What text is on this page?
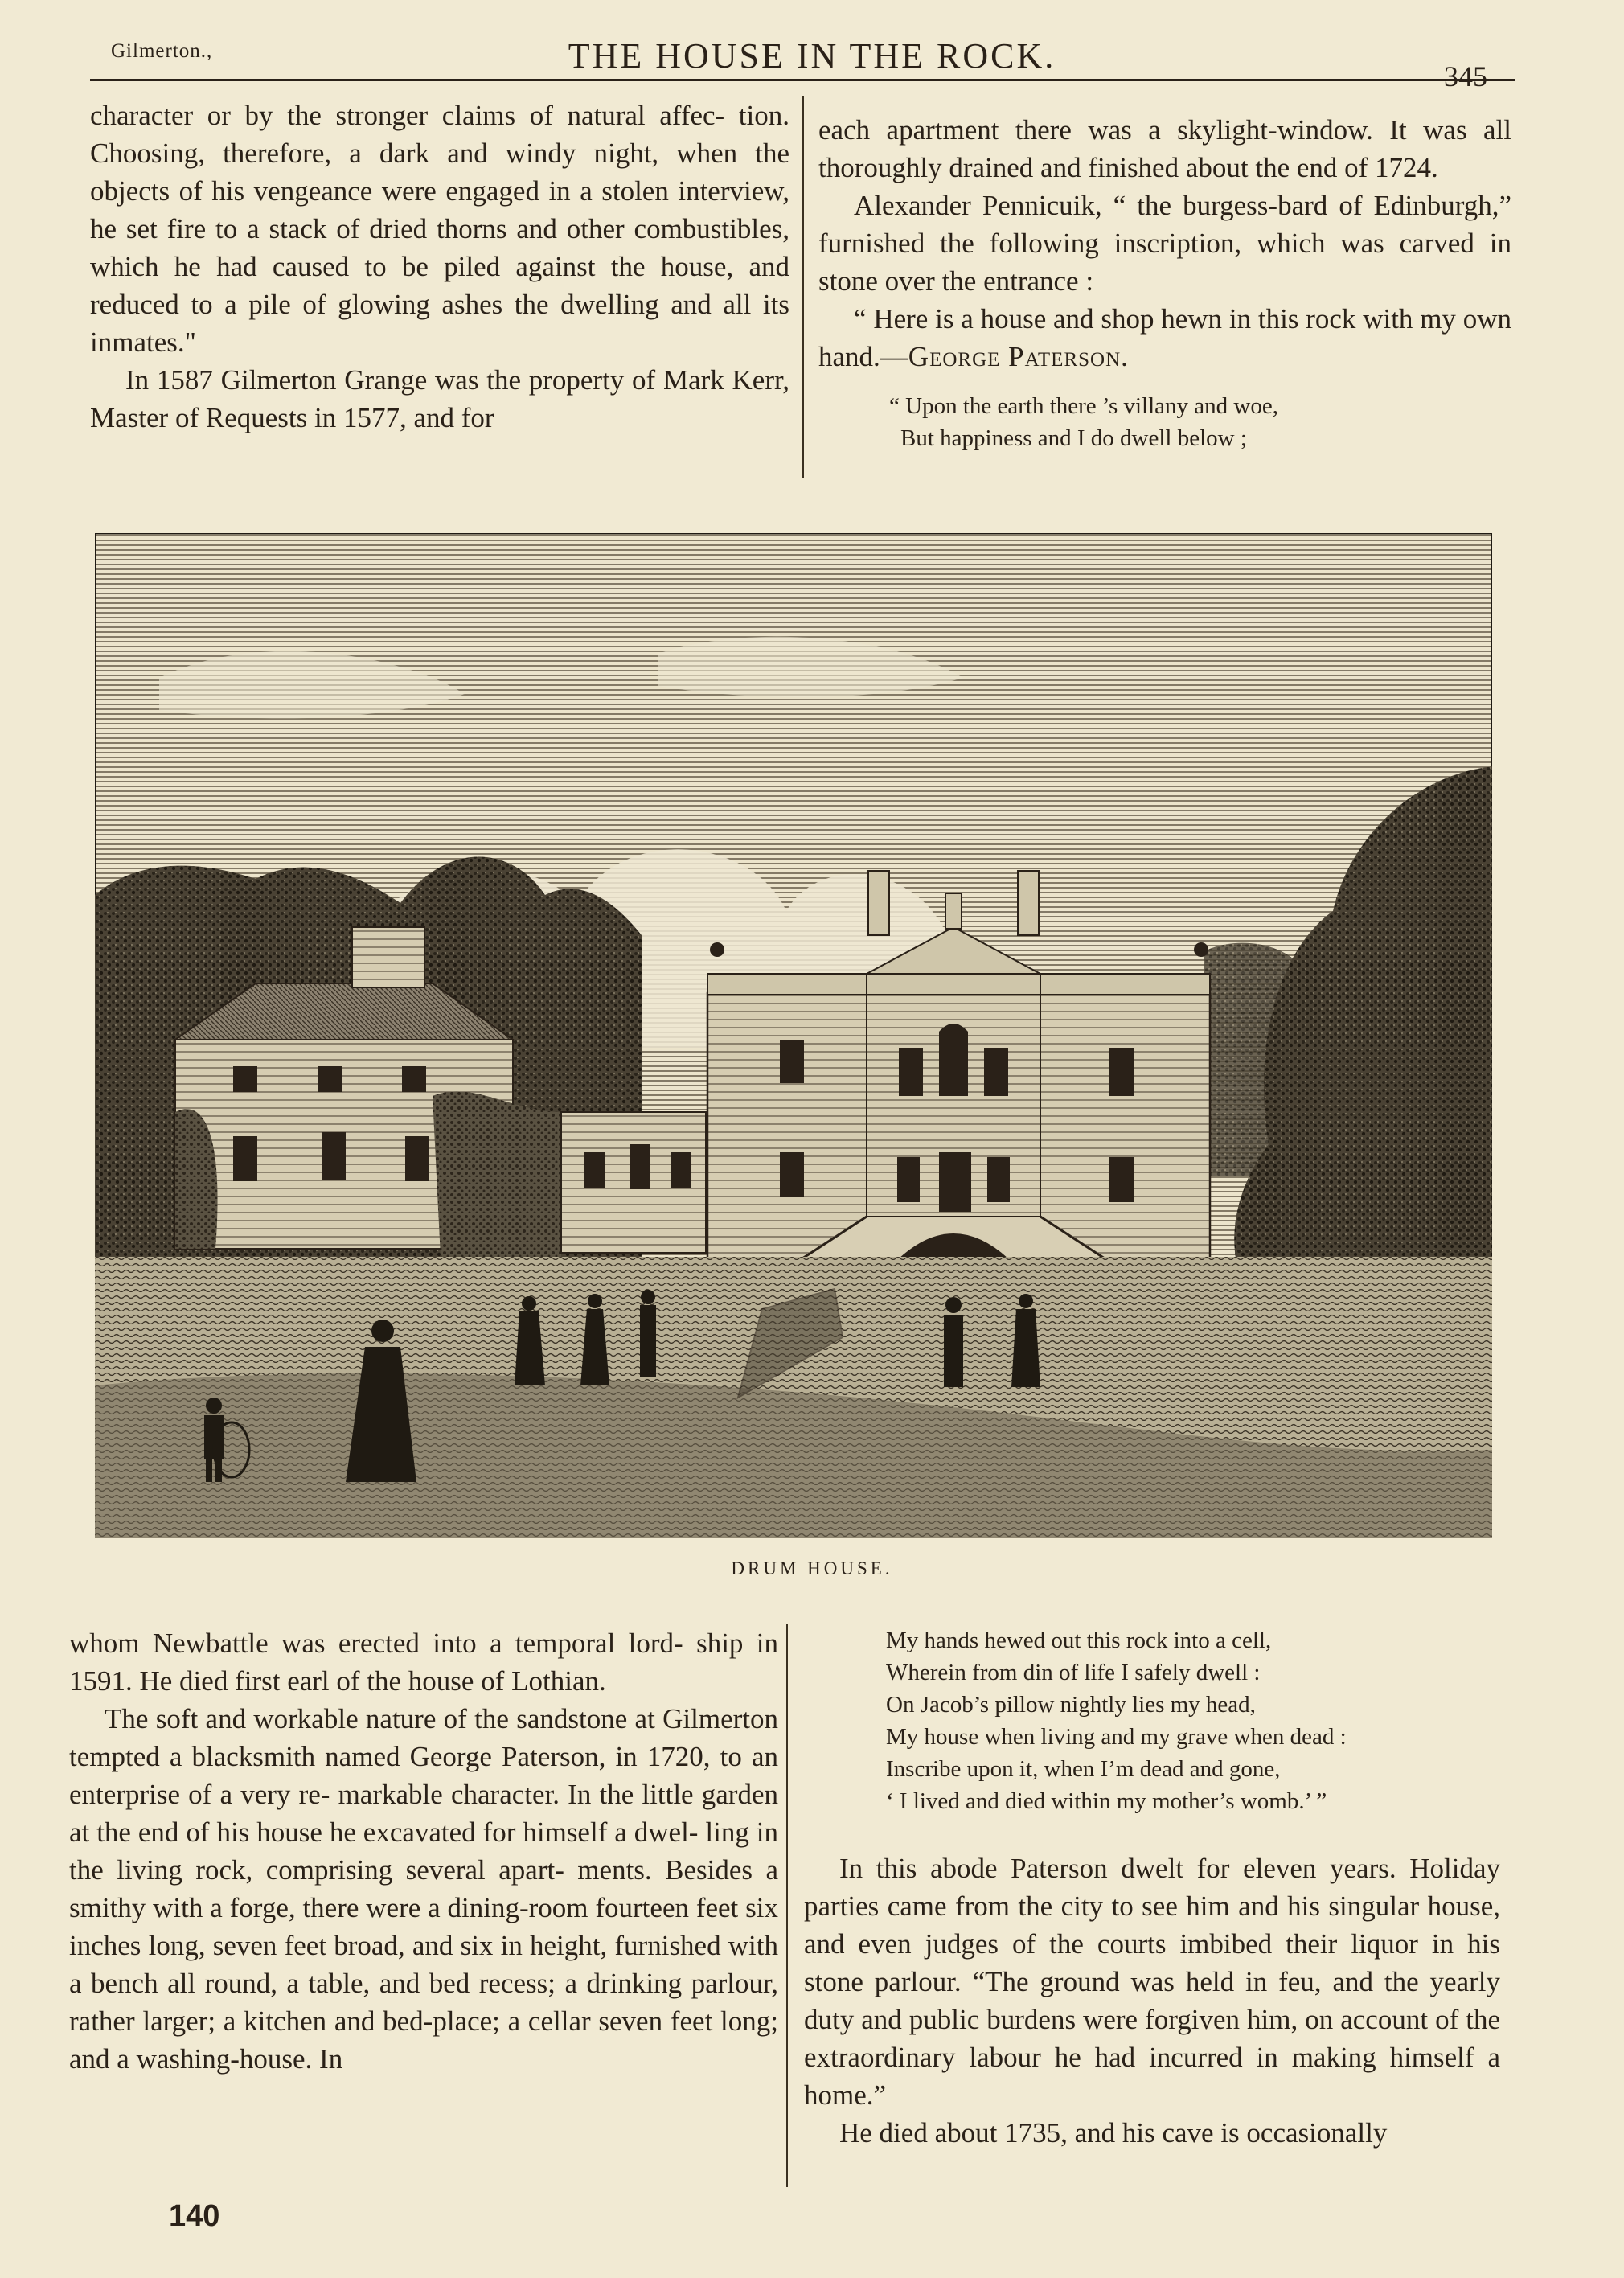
Gilmerton.,	THE HOUSE IN THE ROCK.
345

character or by the stronger claims of natural affec- tion. Choosing, therefore, a dark and windy night, when the objects of his vengeance were engaged in a stolen interview, he set fire to a stack of dried thorns and other combustibles, which he had caused to be piled against the house, and reduced to a pile of glowing ashes the dwelling and all its inmates."

In 1587 Gilmerton Grange was the property of Mark Kerr, Master of Requests in 1577, and for

each apartment there was a skylight-window. It was all thoroughly drained and finished about the end of 1724.

Alexander Pennicuik, “ the burgess-bard of Edinburgh,” furnished the following inscription, which was carved in stone over the entrance :

“ Here is a house and shop hewn in this rock with my own hand.—George Paterson.

“ Upon the earth there ’s villany and woe,
But happiness and I do dwell below ;
DRUM HOUSE.

whom Newbattle was erected into a temporal lord- ship in 1591. He died first earl of the house of Lothian.

The soft and workable nature of the sandstone at Gilmerton tempted a blacksmith named George Paterson, in 1720, to an enterprise of a very re- markable character. In the little garden at the end of his house he excavated for himself a dwel- ling in the living rock, comprising several apart- ments. Besides a smithy with a forge, there were a dining-room fourteen feet six inches long, seven feet broad, and six in height, furnished with a bench all round, a table, and bed recess; a drinking parlour, rather larger; a kitchen and bed-place; a cellar seven feet long; and a washing-house. In

My hands hewed out this rock into a cell,
Wherein from din of life I safely dwell :
On Jacob’s pillow nightly lies my head,
My house when living and my grave when dead :
Inscribe upon it, when I’m dead and gone,
‘ I lived and died within my mother’s womb.’ ”

In this abode Paterson dwelt for eleven years. Holiday parties came from the city to see him and his singular house, and even judges of the courts imbibed their liquor in his stone parlour. “The ground was held in feu, and the yearly duty and public burdens were forgiven him, on account of the extraordinary labour he had incurred in making himself a home.”

He died about 1735, and his cave is occasionally

140
